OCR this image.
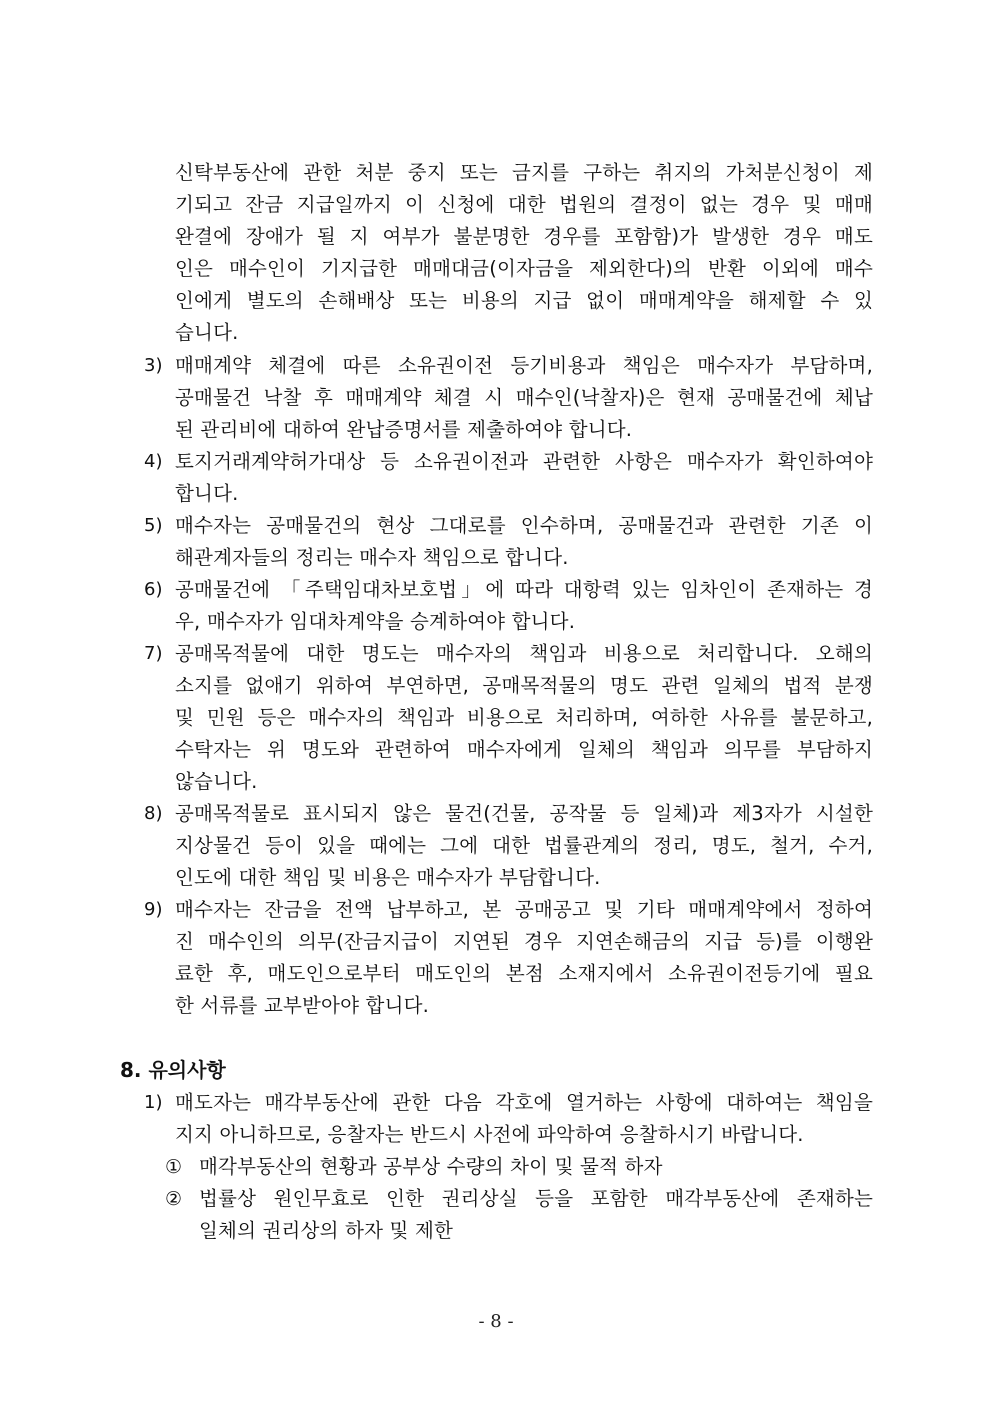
신탁부동산에 관한 처분 중지 또는 금지를 구하는 취지의 가처분신청이 제
기되고 잔금 지급일까지 이 신청에 대한 법원의 결정이 없는 경우 및 매매
완결에 장애가 될 지 여부가 불분명한 경우를 포함함)가 발생한 경우 매도
인은 매수인이 기지급한 매매대금(이자금을 제외한다)의 반환 이외에 매수
인에게 별도의 손해배상 또는 비용의 지급 없이 매매계약을 해제할 수 있
습니다.
3) 매매계약 체결에 따른 소유권이전 등기비용과 책임은 매수자가 부담하며,
공매물건 낙찰 후 매매계약 체결 시 매수인(낙찰자)은 현재 공매물건에 체납
된 관리비에 대하여 완납증명서를 제출하여야 합니다.
4) 토지거래계약허가대상 등 소유권이전과 관련한 사항은 매수자가 확인하여야
합니다.
5) 매수자는 공매물건의 현상 그대로를 인수하며, 공매물건과 관련한 기존 이
해관계자들의 정리는 매수자 책임으로 합니다.
6) 공매물건에 「주택임대차보호법」에 따라 대항력 있는 임차인이 존재하는 경
우, 매수자가 임대차계약을 승계하여야 합니다.
7) 공매목적물에 대한 명도는 매수자의 책임과 비용으로 처리합니다. 오해의
소지를 없애기 위하여 부연하면, 공매목적물의 명도 관련 일체의 법적 분쟁
및 민원 등은 매수자의 책임과 비용으로 처리하며, 여하한 사유를 불문하고,
수탁자는 위 명도와 관련하여 매수자에게 일체의 책임과 의무를 부담하지
않습니다.
8) 공매목적물로 표시되지 않은 물건(건물, 공작물 등 일체)과 제3자가 시설한
지상물건 등이 있을 때에는 그에 대한 법률관계의 정리, 명도, 철거, 수거,
인도에 대한 책임 및 비용은 매수자가 부담합니다.
9) 매수자는 잔금을 전액 납부하고, 본 공매공고 및 기타 매매계약에서 정하여
진 매수인의 의무(잔금지급이 지연된 경우 지연손해금의 지급 등)를 이행완
료한 후, 매도인으로부터 매도인의 본점 소재지에서 소유권이전등기에 필요
한 서류를 교부받아야 합니다.
8. 유의사항
1) 매도자는 매각부동산에 관한 다음 각호에 열거하는 사항에 대하여는 책임을
지지 아니하므로, 응찰자는 반드시 사전에 파악하여 응찰하시기 바랍니다.
① 매각부동산의 현황과 공부상 수량의 차이 및 물적 하자
② 법률상 원인무효로 인한 권리상실 등을 포함한 매각부동산에 존재하는
일체의 권리상의 하자 및 제한
- 8 -
